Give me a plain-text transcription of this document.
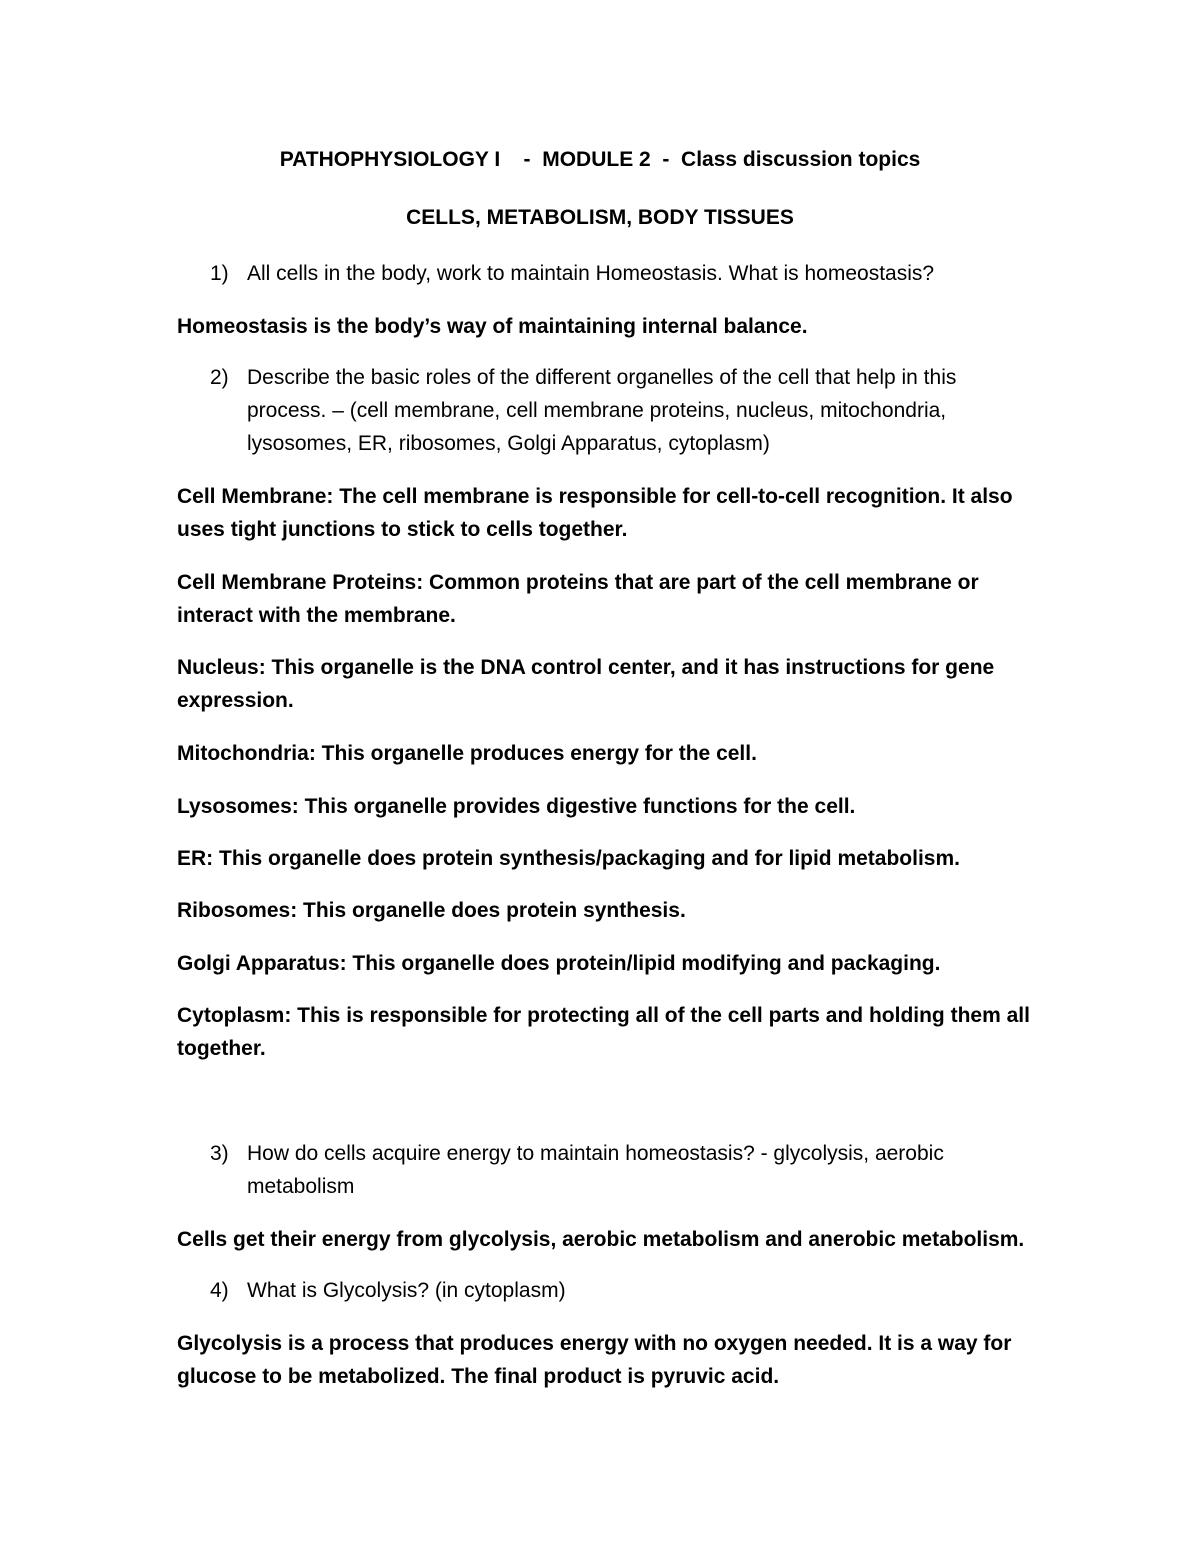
PATHOPHYSIOLOGY I    -  MODULE 2  -  Class discussion topics
CELLS, METABOLISM, BODY TISSUES
1) All cells in the body, work to maintain Homeostasis. What is homeostasis?
Homeostasis is the body’s way of maintaining internal balance.
2) Describe the basic roles of the different organelles of the cell that help in this
process. – (cell membrane, cell membrane proteins, nucleus, mitochondria,
lysosomes, ER, ribosomes, Golgi Apparatus, cytoplasm)
Cell Membrane: The cell membrane is responsible for cell-to-cell recognition. It also
uses tight junctions to stick to cells together.
Cell Membrane Proteins: Common proteins that are part of the cell membrane or
interact with the membrane.
Nucleus: This organelle is the DNA control center, and it has instructions for gene
expression.
Mitochondria: This organelle produces energy for the cell.
Lysosomes: This organelle provides digestive functions for the cell.
ER: This organelle does protein synthesis/packaging and for lipid metabolism.
Ribosomes: This organelle does protein synthesis.
Golgi Apparatus: This organelle does protein/lipid modifying and packaging.
Cytoplasm: This is responsible for protecting all of the cell parts and holding them all
together.
3) How do cells acquire energy to maintain homeostasis? - glycolysis, aerobic
metabolism
Cells get their energy from glycolysis, aerobic metabolism and anerobic metabolism.
4) What is Glycolysis? (in cytoplasm)
Glycolysis is a process that produces energy with no oxygen needed. It is a way for
glucose to be metabolized. The final product is pyruvic acid.
